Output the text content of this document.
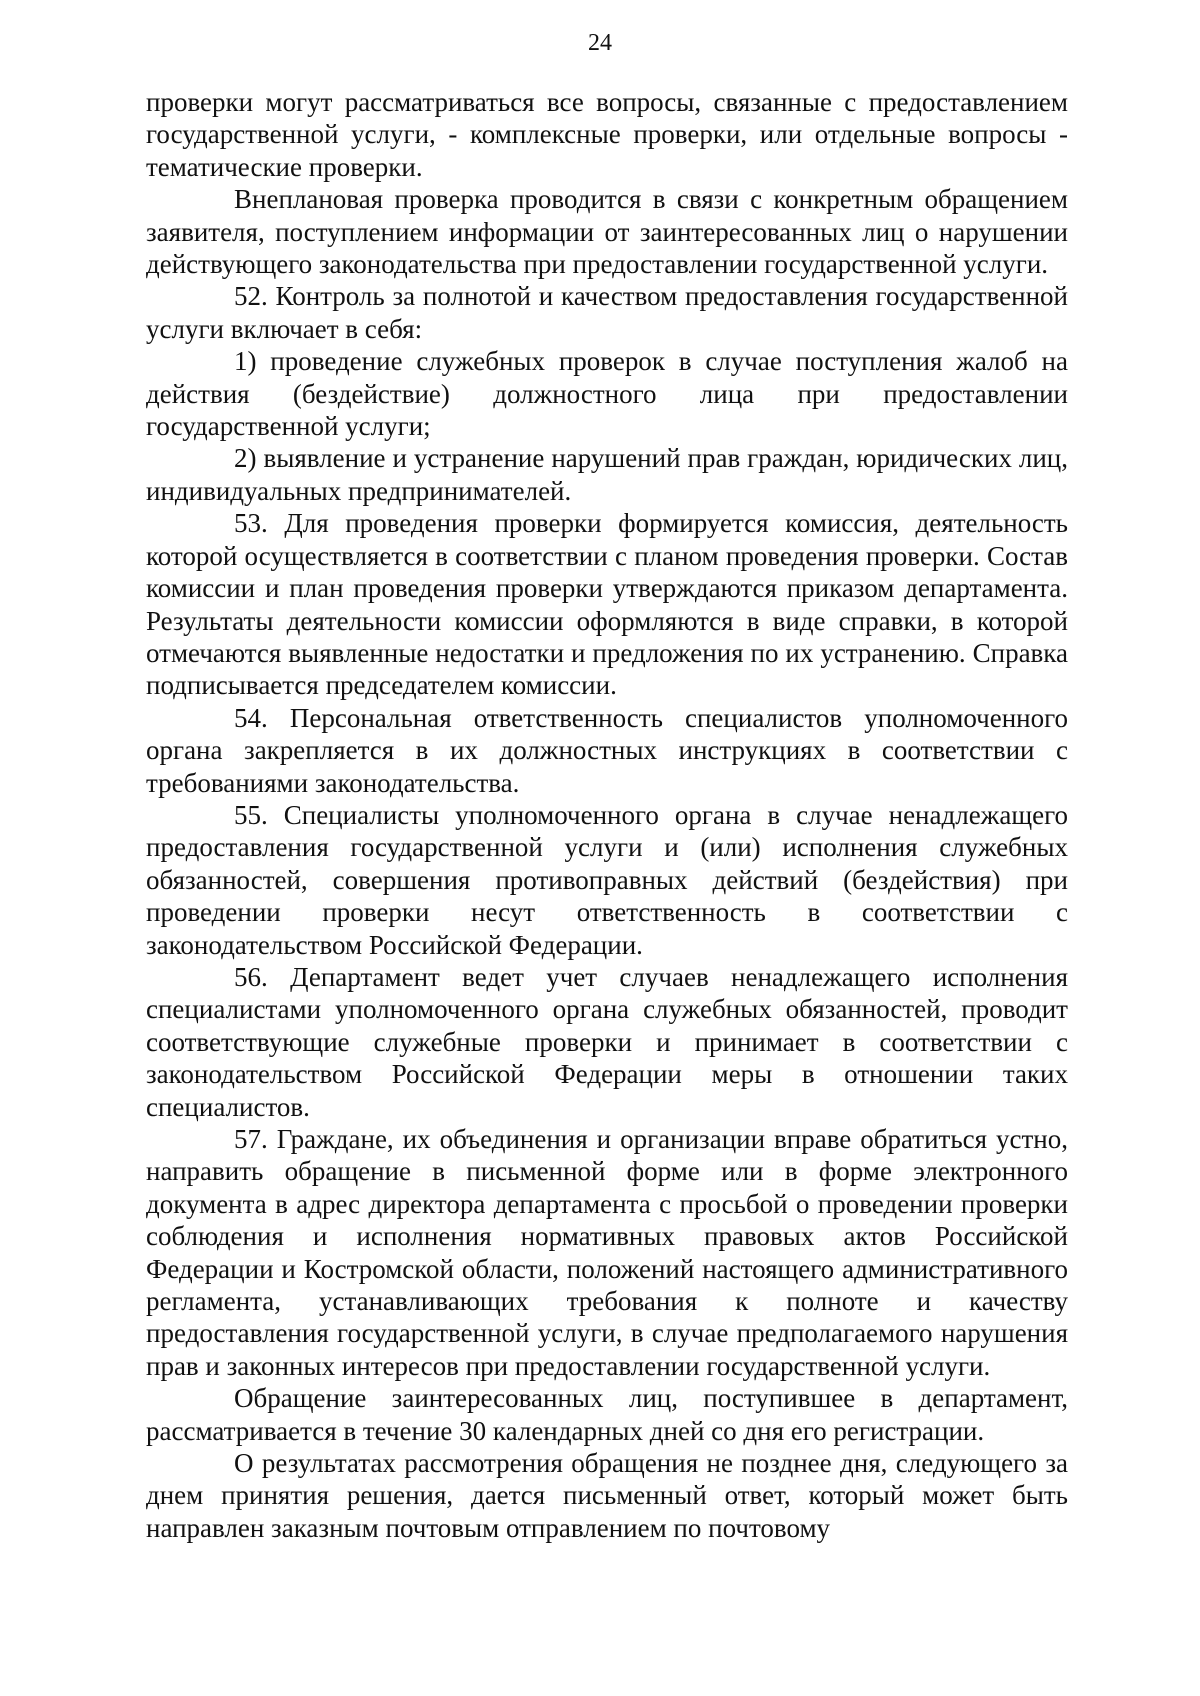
24

проверки могут рассматриваться все вопросы, связанные с предоставлением государственной услуги, - комплексные проверки, или отдельные вопросы - тематические проверки.

Внеплановая проверка проводится в связи с конкретным обращением заявителя, поступлением информации от заинтересованных лиц о нарушении действующего законодательства при предоставлении государственной услуги.

52. Контроль за полнотой и качеством предоставления государственной услуги включает в себя:

1) проведение служебных проверок в случае поступления жалоб на действия (бездействие) должностного лица при предоставлении государственной услуги;

2) выявление и устранение нарушений прав граждан, юридических лиц, индивидуальных предпринимателей.

53. Для проведения проверки формируется комиссия, деятельность которой осуществляется в соответствии с планом проведения проверки. Состав комиссии и план проведения проверки утверждаются приказом департамента. Результаты деятельности комиссии оформляются в виде справки, в которой отмечаются выявленные недостатки и предложения по их устранению. Справка подписывается председателем комиссии.

54. Персональная ответственность специалистов уполномоченного органа закрепляется в их должностных инструкциях в соответствии с требованиями законодательства.

55. Специалисты уполномоченного органа в случае ненадлежащего предоставления государственной услуги и (или) исполнения служебных обязанностей, совершения противоправных действий (бездействия) при проведении проверки несут ответственность в соответствии с законодательством Российской Федерации.

56. Департамент ведет учет случаев ненадлежащего исполнения специалистами уполномоченного органа служебных обязанностей, проводит соответствующие служебные проверки и принимает в соответствии с законодательством Российской Федерации меры в отношении таких специалистов.

57. Граждане, их объединения и организации вправе обратиться устно, направить обращение в письменной форме или в форме электронного документа в адрес директора департамента с просьбой о проведении проверки соблюдения и исполнения нормативных правовых актов Российской Федерации и Костромской области, положений настоящего административного регламента, устанавливающих требования к полноте и качеству предоставления государственной услуги, в случае предполагаемого нарушения прав и законных интересов при предоставлении государственной услуги.

Обращение заинтересованных лиц, поступившее в департамент, рассматривается в течение 30 календарных дней со дня его регистрации.

О результатах рассмотрения обращения не позднее дня, следующего за днем принятия решения, дается письменный ответ, который может быть направлен заказным почтовым отправлением по почтовому
